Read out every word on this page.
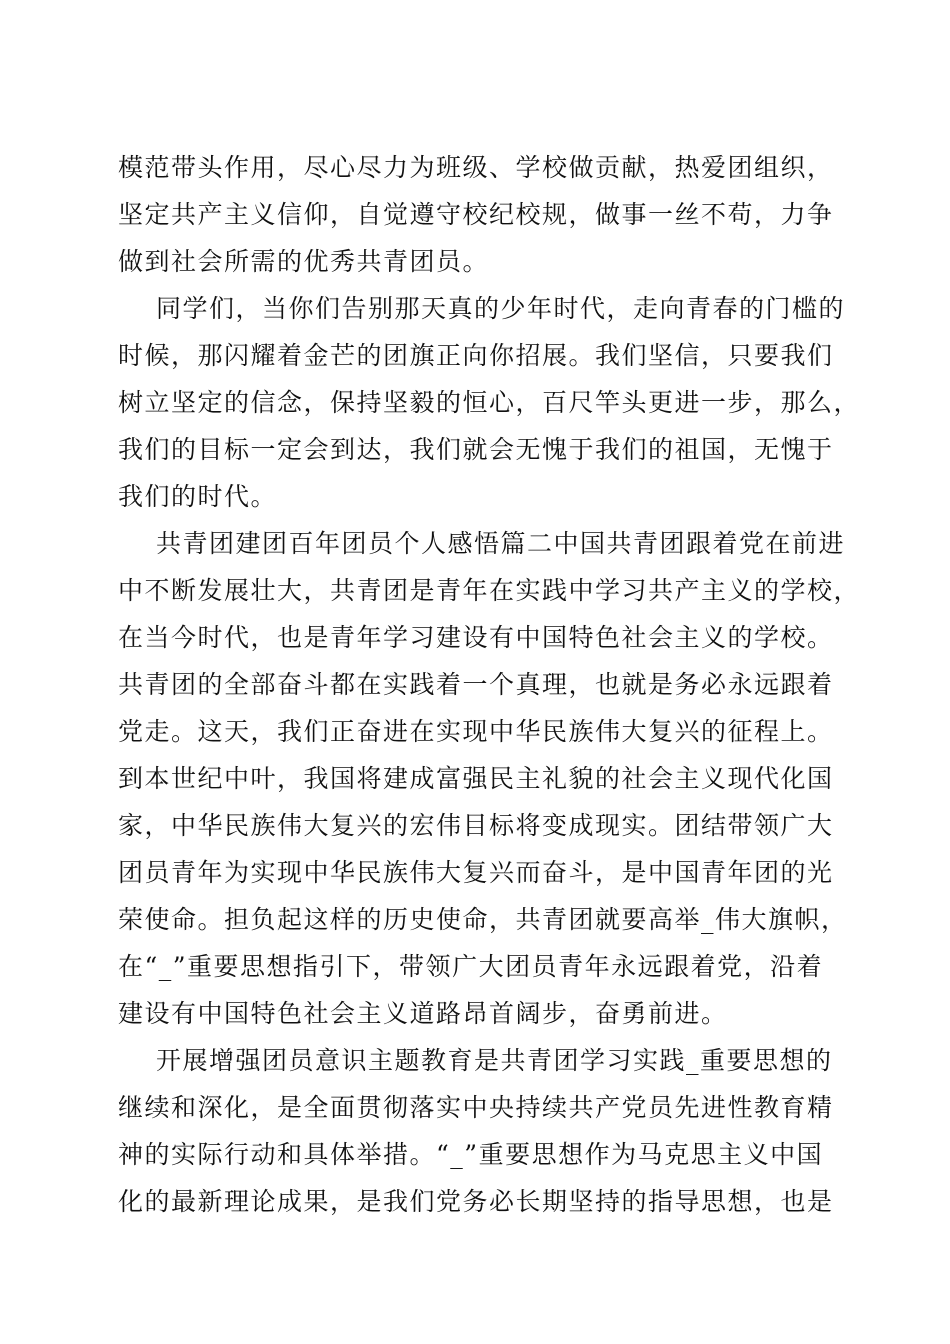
模范带头作用，尽心尽力为班级、学校做贡献，热爱团组织，
坚定共产主义信仰，自觉遵守校纪校规，做事一丝不苟，力争
做到社会所需的优秀共青团员。
同学们，当你们告别那天真的少年时代，走向青春的门槛的
时候，那闪耀着金芒的团旗正向你招展。我们坚信，只要我们
树立坚定的信念，保持坚毅的恒心，百尺竿头更进一步，那么，
我们的目标一定会到达，我们就会无愧于我们的祖国，无愧于
我们的时代。
共青团建团百年团员个人感悟篇二中国共青团跟着党在前进
中不断发展壮大，共青团是青年在实践中学习共产主义的学校，
在当今时代，也是青年学习建设有中国特色社会主义的学校。
共青团的全部奋斗都在实践着一个真理，也就是务必永远跟着
党走。这天，我们正奋进在实现中华民族伟大复兴的征程上。
到本世纪中叶，我国将建成富强民主礼貌的社会主义现代化国
家，中华民族伟大复兴的宏伟目标将变成现实。团结带领广大
团员青年为实现中华民族伟大复兴而奋斗，是中国青年团的光
荣使命。担负起这样的历史使命，共青团就要高举_伟大旗帜，
在“_”重要思想指引下，带领广大团员青年永远跟着党，沿着
建设有中国特色社会主义道路昂首阔步，奋勇前进。
开展增强团员意识主题教育是共青团学习实践_重要思想的
继续和深化，是全面贯彻落实中央持续共产党员先进性教育精
神的实际行动和具体举措。“_”重要思想作为马克思主义中国
化的最新理论成果，是我们党务必长期坚持的指导思想，也是
